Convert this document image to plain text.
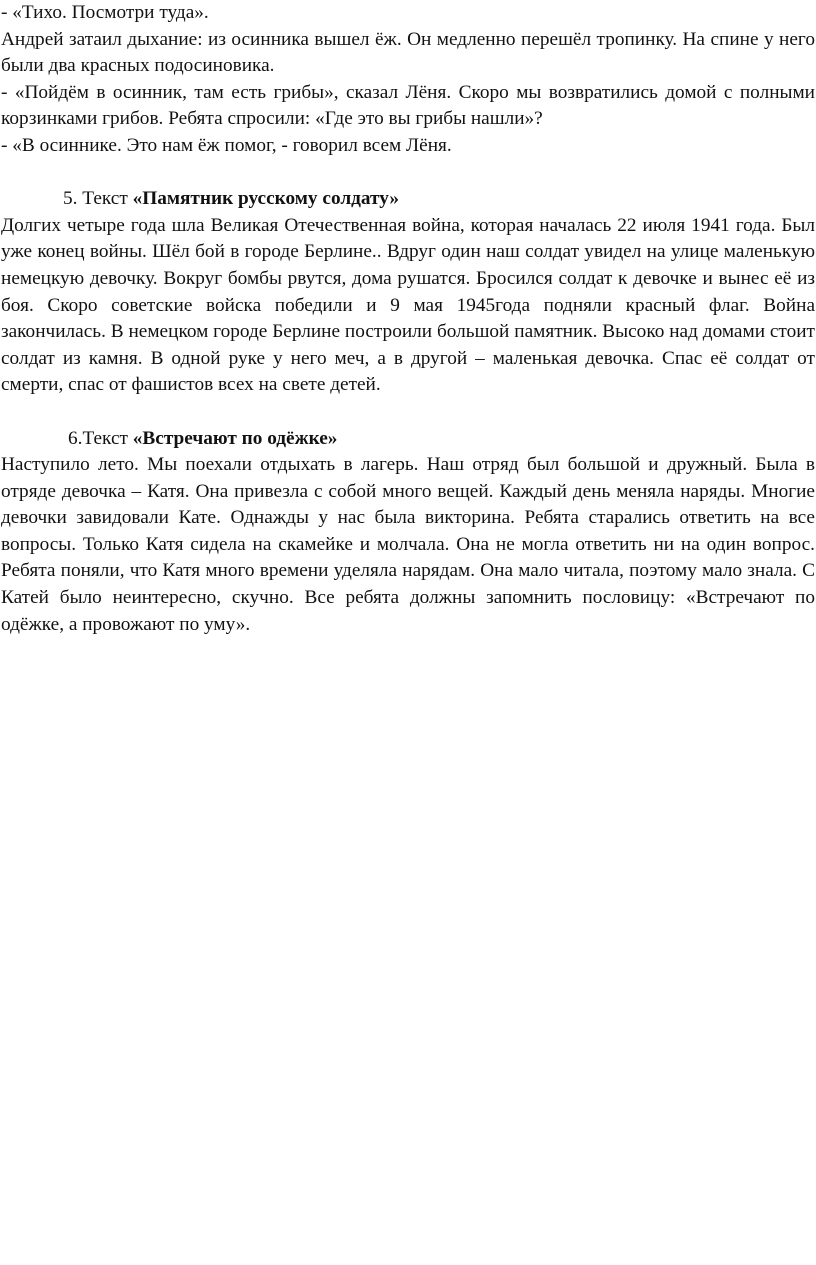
- «Тихо. Посмотри туда».

Андрей затаил дыхание: из осинника вышел ёж. Он медленно перешёл тропинку. На спине у него были два красных подосиновика.

- «Пойдём в осинник, там есть грибы», сказал Лёня. Скоро мы возвратились домой с полными корзинками грибов. Ребята спросили: «Где это вы грибы нашли»?

- «В осиннике. Это нам ёж помог, - говорил всем Лёня.

5. Текст «Памятник русскому солдату»

Долгих четыре года шла Великая Отечественная война, которая началась 22 июля 1941 года. Был уже конец войны. Шёл бой в городе Берлине.. Вдруг один наш солдат увидел на улице маленькую немецкую девочку. Вокруг бомбы рвутся, дома рушатся. Бросился солдат к девочке и вынес её из боя. Скоро советские войска победили и 9 мая 1945года подняли красный флаг. Война закончилась. В немецком городе Берлине построили большой памятник. Высоко над домами стоит солдат из камня. В одной руке у него меч, а в другой – маленькая девочка. Спас её солдат от смерти, спас от фашистов всех на свете детей.

6.Текст «Встречают по одёжке»

Наступило лето. Мы поехали отдыхать в лагерь. Наш отряд был большой и дружный. Была в отряде девочка – Катя. Она привезла с собой много вещей. Каждый день меняла наряды. Многие девочки завидовали Кате. Однажды у нас была викторина. Ребята старались ответить на все вопросы. Только Катя сидела на скамейке и молчала. Она не могла ответить ни на один вопрос. Ребята поняли, что Катя много времени уделяла нарядам. Она мало читала, поэтому мало знала. С Катей было неинтересно, скучно. Все ребята должны запомнить пословицу: «Встречают по одёжке, а провожают по уму».
